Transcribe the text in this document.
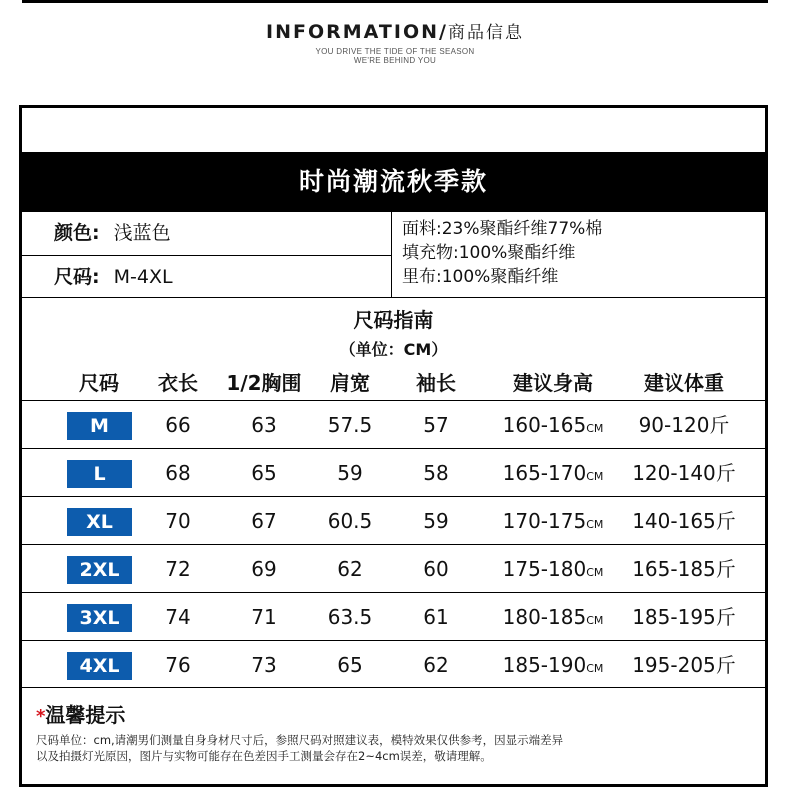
INFORMATION/商品信息
YOU DRIVE THE TIDE OF THE SEASON
WE'RE BEHIND YOU
时尚潮流秋季款
颜色: 浅蓝色
尺码: M-4XL
面料:23%聚酯纤维77%棉
填充物:100%聚酯纤维
里布:100%聚酯纤维
尺码指南
（单位：CM）
尺码	衣长	1/2胸围	肩宽	袖长	建议身高	建议体重
M	66	63	57.5	57	160-165CM	90-120斤
L	68	65	59	58	165-170CM	120-140斤
XL	70	67	60.5	59	170-175CM	140-165斤
2XL	72	69	62	60	175-180CM	165-185斤
3XL	74	71	63.5	61	180-185CM	185-195斤
4XL	76	73	65	62	185-190CM	195-205斤
*温馨提示
尺码单位：cm,请潮男们测量自身身材尺寸后，参照尺码对照建议表，模特效果仅供参考，因显示端差异
以及拍摄灯光原因，图片与实物可能存在色差因手工测量会存在2~4cm误差，敬请理解。
